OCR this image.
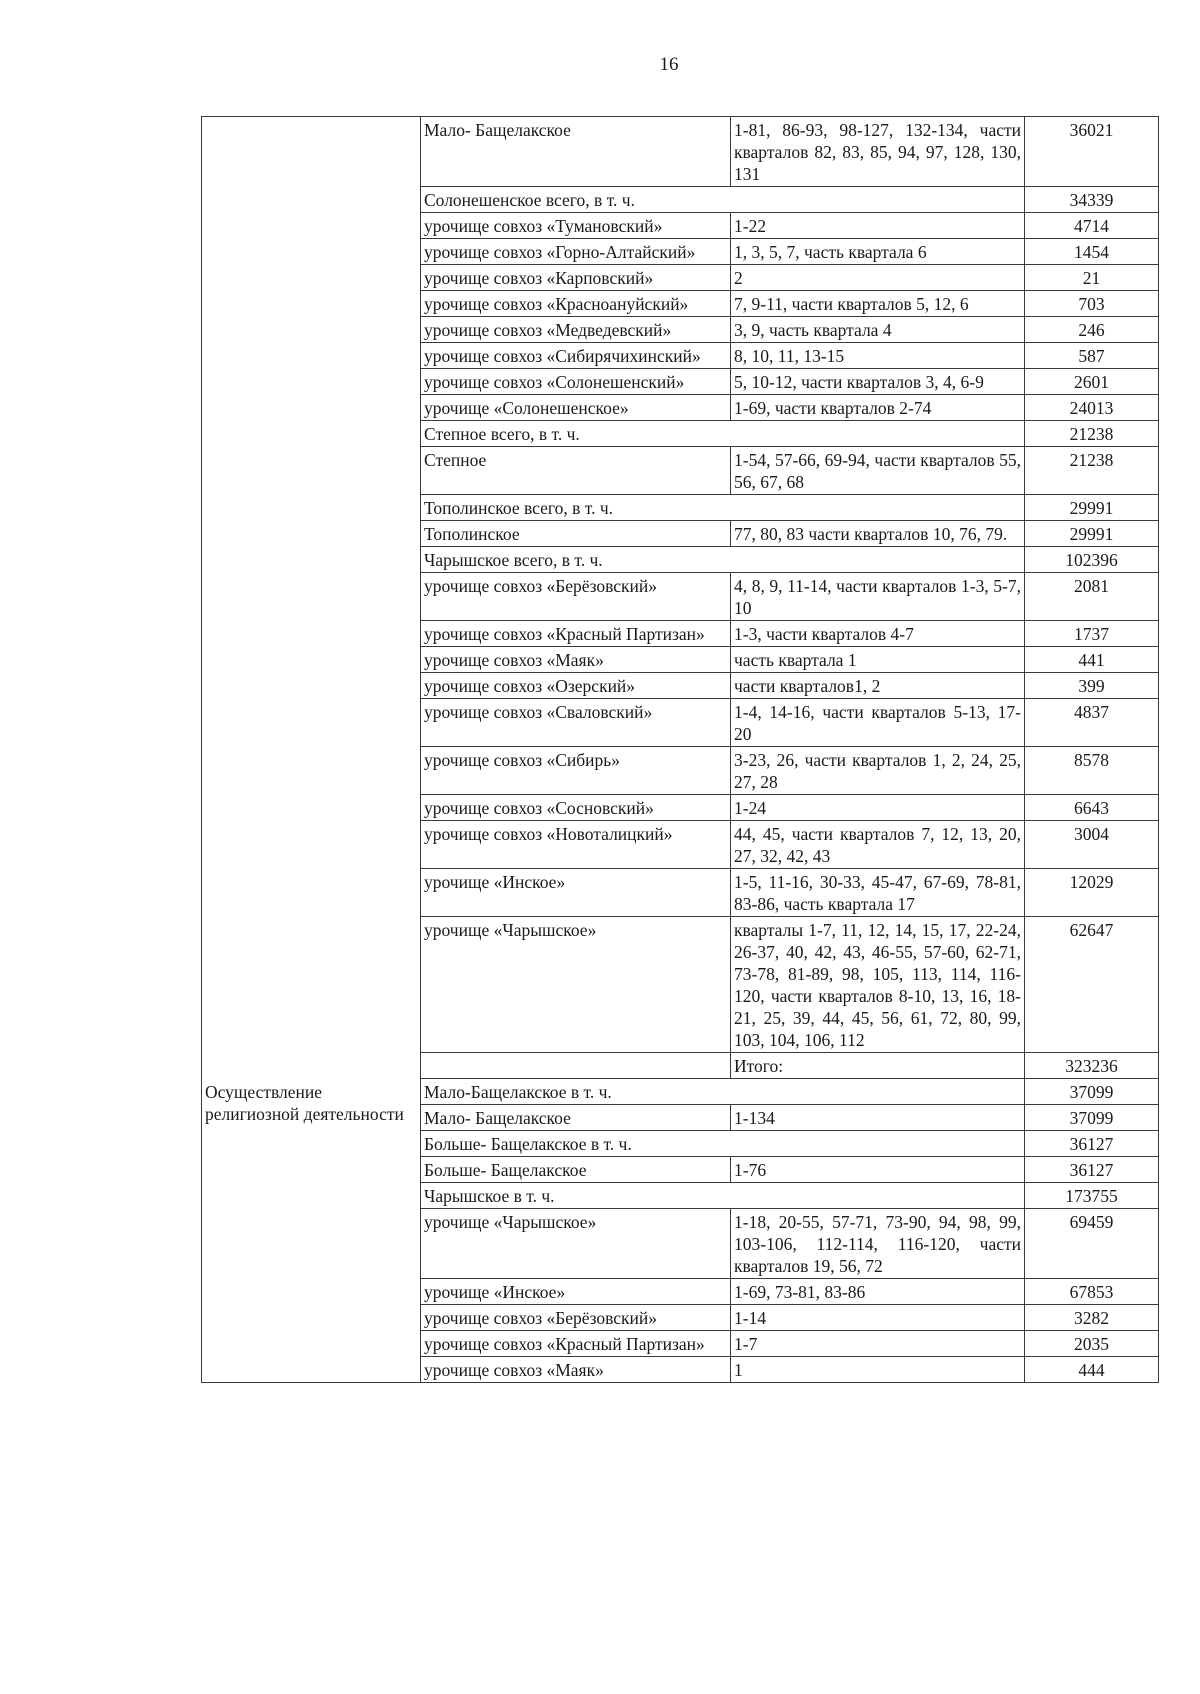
16
	Мало- Бащелакское	1-81, 86-93, 98-127, 132-134, части кварталов 82, 83, 85, 94, 97, 128, 130, 131	36021
	Солонешенское всего, в т. ч.		34339
	урочище совхоз «Тумановский»	1-22	4714
	урочище совхоз «Горно-Алтайский»	1, 3, 5, 7, часть квартала 6	1454
	урочище совхоз «Карповский»	2	21
	урочище совхоз «Красноануйский»	7, 9-11, части кварталов 5, 12, 6	703
	урочище совхоз «Медведевский»	3, 9, часть квартала 4	246
	урочище совхоз «Сибирячихинский»	8, 10, 11, 13-15	587
	урочище совхоз «Солонешенский»	5, 10-12, части кварталов 3, 4, 6-9	2601
	урочище «Солонешенское»	1-69, части кварталов 2-74	24013
	Степное всего, в т. ч.		21238
	Степное	1-54, 57-66, 69-94, части кварталов 55, 56, 67, 68	21238
	Тополинское всего, в т. ч.		29991
	Тополинское	77, 80, 83 части кварталов 10, 76, 79.	29991
	Чарышское всего, в т. ч.		102396
	урочище совхоз «Берёзовский»	4, 8, 9, 11-14, части кварталов 1-3, 5-7, 10	2081
	урочище совхоз «Красный Партизан»	1-3, части кварталов 4-7	1737
	урочище совхоз «Маяк»	часть квартала 1	441
	урочище совхоз «Озерский»	части кварталов1, 2	399
	урочище совхоз «Сваловский»	1-4, 14-16, части кварталов 5-13, 17-20	4837
	урочище совхоз «Сибирь»	3-23, 26, части кварталов 1, 2, 24, 25, 27, 28	8578
	урочище совхоз «Сосновский»	1-24	6643
	урочище совхоз «Новоталицкий»	44, 45, части кварталов 7, 12, 13, 20, 27, 32, 42, 43	3004
	урочище «Инское»	1-5, 11-16, 30-33, 45-47, 67-69, 78-81, 83-86, часть квартала 17	12029
	урочище «Чарышское»	кварталы 1-7, 11, 12, 14, 15, 17, 22-24, 26-37, 40, 42, 43, 46-55, 57-60, 62-71, 73-78, 81-89, 98, 105, 113, 114, 116-120, части кварталов 8-10, 13, 16, 18-21, 25, 39, 44, 45, 56, 61, 72, 80, 99, 103, 104, 106, 112	62647
		Итого:	323236
Осуществление религиозной деятельности	Мало-Бащелакское в т. ч.		37099
	Мало- Бащелакское	1-134	37099
	Больше- Бащелакское в т. ч.		36127
	Больше- Бащелакское	1-76	36127
	Чарышское в т. ч.		173755
	урочище «Чарышское»	1-18, 20-55, 57-71, 73-90, 94, 98, 99, 103-106, 112-114, 116-120, части кварталов 19, 56, 72	69459
	урочище «Инское»	1-69, 73-81, 83-86	67853
	урочище совхоз «Берёзовский»	1-14	3282
	урочище совхоз «Красный Партизан»	1-7	2035
	урочище совхоз «Маяк»	1	444
